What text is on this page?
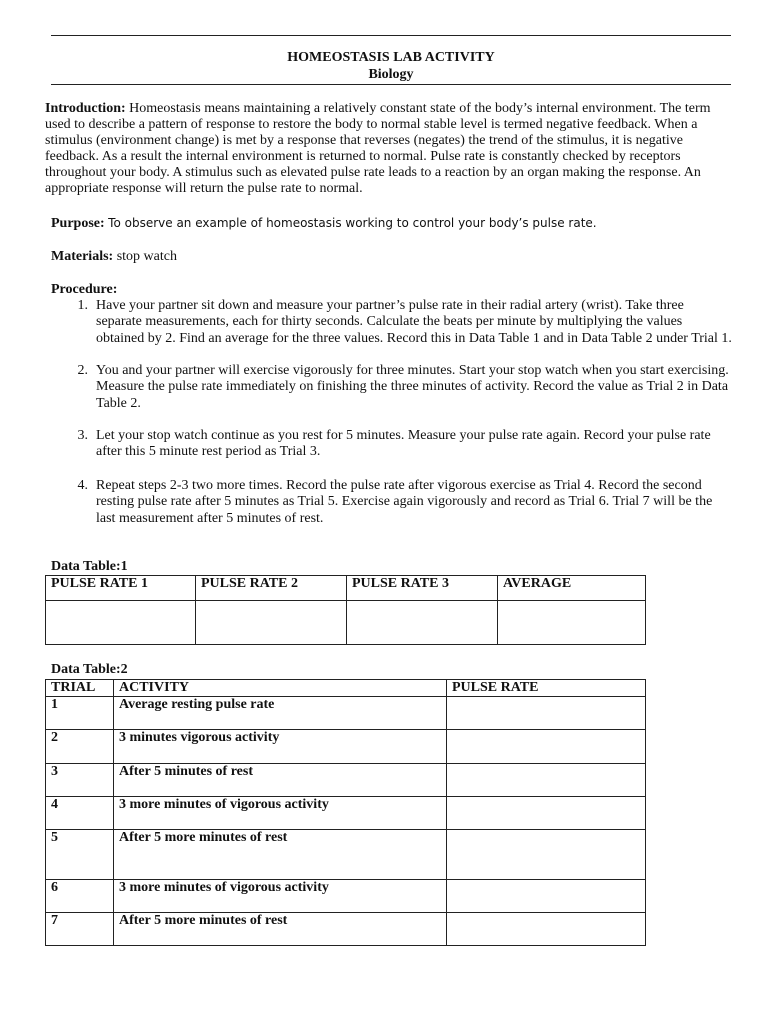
HOMEOSTASIS LAB ACTIVITY
Biology
Introduction: Homeostasis means maintaining a relatively constant state of the body’s internal environment. The term used to describe a pattern of response to restore the body to normal stable level is termed negative feedback. When a stimulus (environment change) is met by a response that reverses (negates) the trend of the stimulus, it is negative feedback. As a result the internal environment is returned to normal. Pulse rate is constantly checked by receptors throughout your body. A stimulus such as elevated pulse rate leads to a reaction by an organ making the response. An appropriate response will return the pulse rate to normal.
Purpose: To observe an example of homeostasis working to control your body’s pulse rate.
Materials: stop watch
Procedure:
1. Have your partner sit down and measure your partner’s pulse rate in their radial artery (wrist). Take three separate measurements, each for thirty seconds. Calculate the beats per minute by multiplying the values obtained by 2. Find an average for the three values. Record this in Data Table 1 and in Data Table 2 under Trial 1.
2. You and your partner will exercise vigorously for three minutes. Start your stop watch when you start exercising. Measure the pulse rate immediately on finishing the three minutes of activity. Record the value as Trial 2 in Data Table 2.
3. Let your stop watch continue as you rest for 5 minutes. Measure your pulse rate again. Record your pulse rate after this 5 minute rest period as Trial 3.
4. Repeat steps 2-3 two more times. Record the pulse rate after vigorous exercise as Trial 4. Record the second resting pulse rate after 5 minutes as Trial 5. Exercise again vigorously and record as Trial 6. Trial 7 will be the last measurement after 5 minutes of rest.
Data Table:1
PULSE RATE 1	PULSE RATE 2	PULSE RATE 3	AVERAGE

Data Table:2
TRIAL	ACTIVITY	PULSE RATE
1	Average resting pulse rate	
2	3 minutes vigorous activity	
3	After 5 minutes of rest	
4	3 more minutes of vigorous activity	
5	After 5 more minutes of rest	
6	3 more minutes of vigorous activity	
7	After 5 more minutes of rest	
